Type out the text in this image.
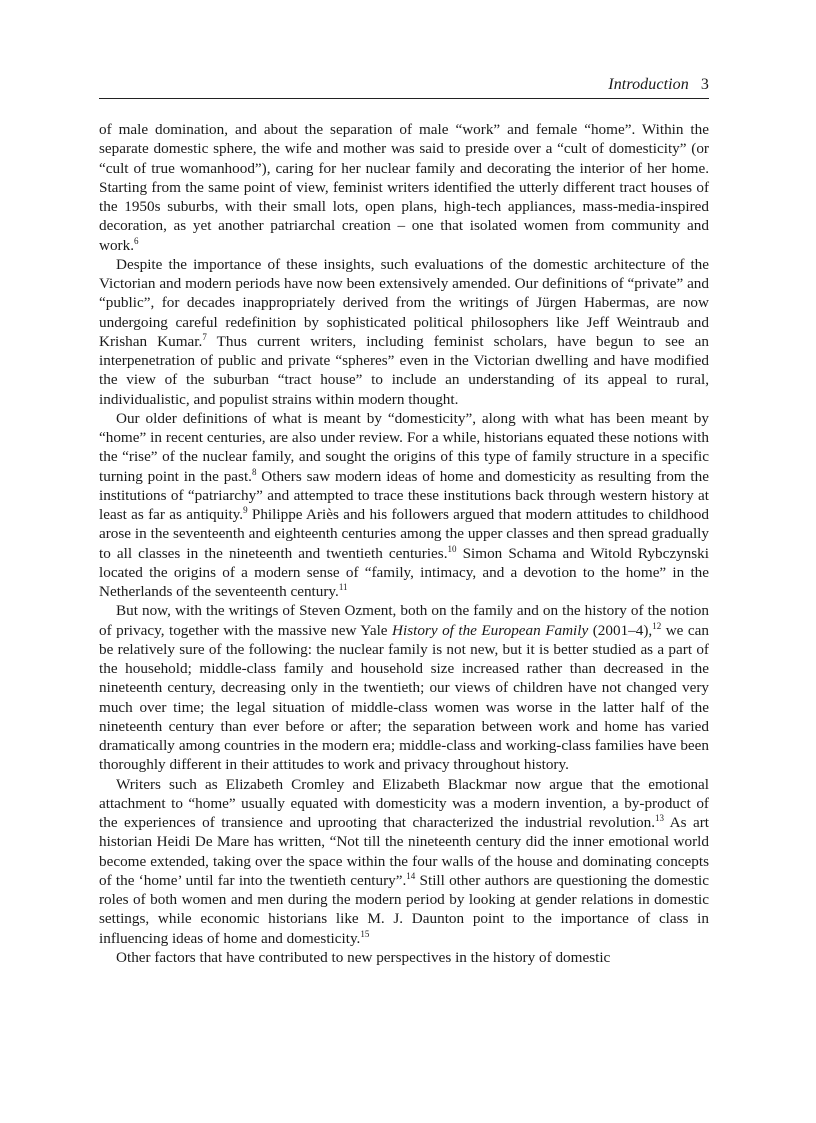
Introduction 3

of male domination, and about the separation of male “work” and female “home”. Within the separate domestic sphere, the wife and mother was said to preside over a “cult of domesticity” (or “cult of true womanhood”), caring for her nuclear family and decorating the interior of her home. Starting from the same point of view, feminist writers identified the utterly different tract houses of the 1950s suburbs, with their small lots, open plans, high-tech appliances, mass-media-inspired decoration, as yet another patriarchal creation – one that isolated women from community and work.$^6$

Despite the importance of these insights, such evaluations of the domestic architecture of the Victorian and modern periods have now been extensively amended. Our definitions of “private” and “public”, for decades inappropriately derived from the writings of Jürgen Habermas, are now undergoing careful redefinition by sophisticated political philosophers like Jeff Weintraub and Krishan Kumar.$^7$ Thus current writers, including feminist scholars, have begun to see an interpenetration of public and private “spheres” even in the Victorian dwelling and have modified the view of the suburban “tract house” to include an understanding of its appeal to rural, individualistic, and populist strains within modern thought.

Our older definitions of what is meant by “domesticity”, along with what has been meant by “home” in recent centuries, are also under review. For a while, historians equated these notions with the “rise” of the nuclear family, and sought the origins of this type of family structure in a specific turning point in the past.$^8$ Others saw modern ideas of home and domesticity as resulting from the institutions of “patriarchy” and attempted to trace these institutions back through western history at least as far as antiquity.$^9$ Philippe Ariès and his followers argued that modern attitudes to childhood arose in the seventeenth and eighteenth centuries among the upper classes and then spread gradually to all classes in the nineteenth and twentieth centuries.$^{10}$ Simon Schama and Witold Rybczynski located the origins of a modern sense of “family, intimacy, and a devotion to the home” in the Netherlands of the seventeenth century.$^{11}$

But now, with the writings of Steven Ozment, both on the family and on the history of the notion of privacy, together with the massive new Yale History of the European Family (2001–4),$^{12}$ we can be relatively sure of the following: the nuclear family is not new, but it is better studied as a part of the household; middle-class family and household size increased rather than decreased in the nineteenth century, decreasing only in the twentieth; our views of children have not changed very much over time; the legal situation of middle-class women was worse in the latter half of the nineteenth century than ever before or after; the separation between work and home has varied dramatically among countries in the modern era; middle-class and working-class families have been thoroughly different in their attitudes to work and privacy throughout history.

Writers such as Elizabeth Cromley and Elizabeth Blackmar now argue that the emotional attachment to “home” usually equated with domesticity was a modern invention, a by-product of the experiences of transience and uprooting that characterized the industrial revolution.$^{13}$ As art historian Heidi De Mare has written, “Not till the nineteenth century did the inner emotional world become extended, taking over the space within the four walls of the house and dominating concepts of the ‘home’ until far into the twentieth century”.$^{14}$ Still other authors are questioning the domestic roles of both women and men during the modern period by looking at gender relations in domestic settings, while economic historians like M. J. Daunton point to the importance of class in influencing ideas of home and domesticity.$^{15}$

Other factors that have contributed to new perspectives in the history of domestic
